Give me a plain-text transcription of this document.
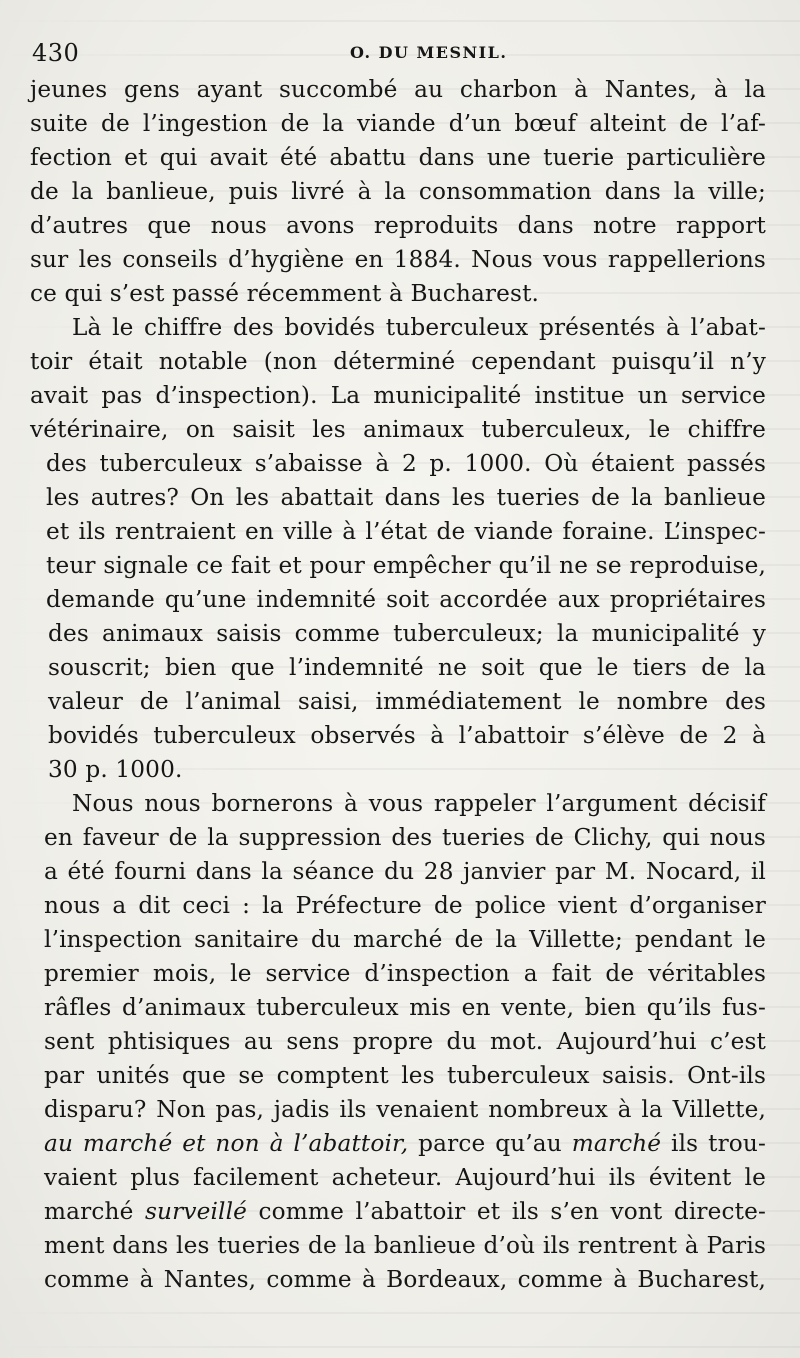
430	O. DU MESNIL.
jeunes gens ayant succombé au charbon à Nantes, à la
suite de l’ingestion de la viande d’un bœuf alteint de l’af-
fection et qui avait été abattu dans une tuerie particulière
de la banlieue, puis livré à la consommation dans la ville;
d’autres que nous avons reproduits dans notre rapport
sur les conseils d’hygiène en 1884. Nous vous rappellerions
ce qui s’est passé récemment à Bucharest.
Là le chiffre des bovidés tuberculeux présentés à l’abat-
toir était notable (non déterminé cependant puisqu’il n’y
avait pas d’inspection). La municipalité institue un service
vétérinaire, on saisit les animaux tuberculeux, le chiffre
des tuberculeux s’abaisse à 2 p. 1000. Où étaient passés
les autres? On les abattait dans les tueries de la banlieue
et ils rentraient en ville à l’état de viande foraine. L’inspec-
teur signale ce fait et pour empêcher qu’il ne se reproduise,
demande qu’une indemnité soit accordée aux propriétaires
des animaux saisis comme tuberculeux; la municipalité y
souscrit; bien que l’indemnité ne soit que le tiers de la
valeur de l’animal saisi, immédiatement le nombre des
bovidés tuberculeux observés à l’abattoir s’élève de 2 à
30 p. 1000.
Nous nous bornerons à vous rappeler l’argument décisif
en faveur de la suppression des tueries de Clichy, qui nous
a été fourni dans la séance du 28 janvier par M. Nocard, il
nous a dit ceci : la Préfecture de police vient d’organiser
l’inspection sanitaire du marché de la Villette; pendant le
premier mois, le service d’inspection a fait de véritables
râfles d’animaux tuberculeux mis en vente, bien qu’ils fus-
sent phtisiques au sens propre du mot. Aujourd’hui c’est
par unités que se comptent les tuberculeux saisis. Ont-ils
disparu? Non pas, jadis ils venaient nombreux à la Villette,
au marché et non à l’abattoir, parce qu’au marché ils trou-
vaient plus facilement acheteur. Aujourd’hui ils évitent le
marché surveillé comme l’abattoir et ils s’en vont directe-
ment dans les tueries de la banlieue d’où ils rentrent à Paris
comme à Nantes, comme à Bordeaux, comme à Bucharest,
